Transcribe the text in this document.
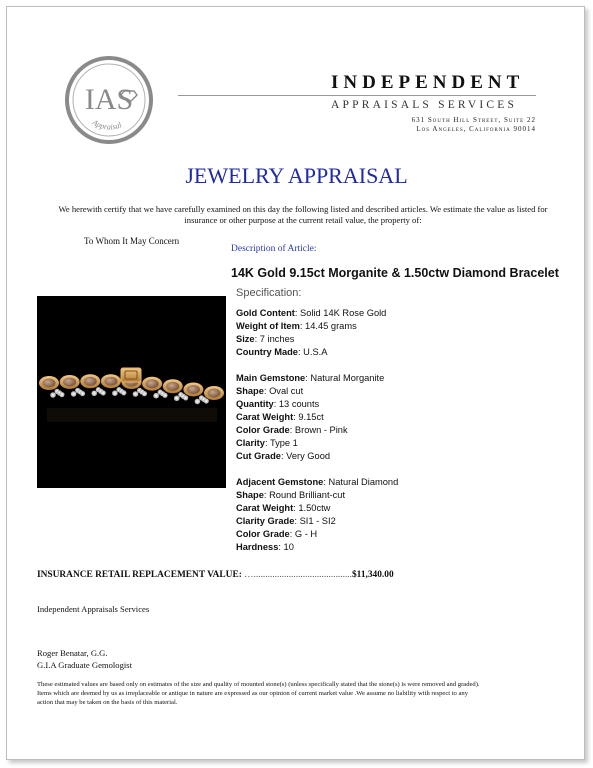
IAS
Appraisal
INDEPENDENT
APPRAISALS SERVICES
631 South Hill Street, Suite 22
Los Angeles, California 90014
JEWELRY APPRAISAL
We herewith certify that we have carefully examined on this day the following listed and described articles. We estimate the value as listed for insurance or other purpose at the current retail value, the property of:
To Whom It May Concern
Description of Article:
14K Gold 9.15ct Morganite & 1.50ctw Diamond Bracelet
Specification:
Gold Content: Solid 14K Rose Gold
Weight of Item: 14.45 grams
Size: 7 inches
Country Made: U.S.A
Main Gemstone: Natural Morganite
Shape: Oval cut
Quantity: 13 counts
Carat Weight: 9.15ct
Color Grade: Brown - Pink
Clarity: Type 1
Cut Grade: Very Good
Adjacent Gemstone: Natural Diamond
Shape: Round Brilliant-cut
Carat Weight: 1.50ctw
Clarity Grade: SI1 - SI2
Color Grade: G - H
Hardness: 10
INSURANCE RETAIL REPLACEMENT VALUE: …..........................................$11,340.00
Independent Appraisals Services
Roger Benatar, G.G.
G.I.A Graduate Gemologist
These estimated values are based only on estimates of the size and quality of mounted stone(s) (unless specifically stated that the stone(s) is were removed and graded). Items which are deemed by us as irreplaceable or antique in nature are expressed as our opinion of current market value .We assume no liability with respect to any action that may be taken on the basis of this material.
